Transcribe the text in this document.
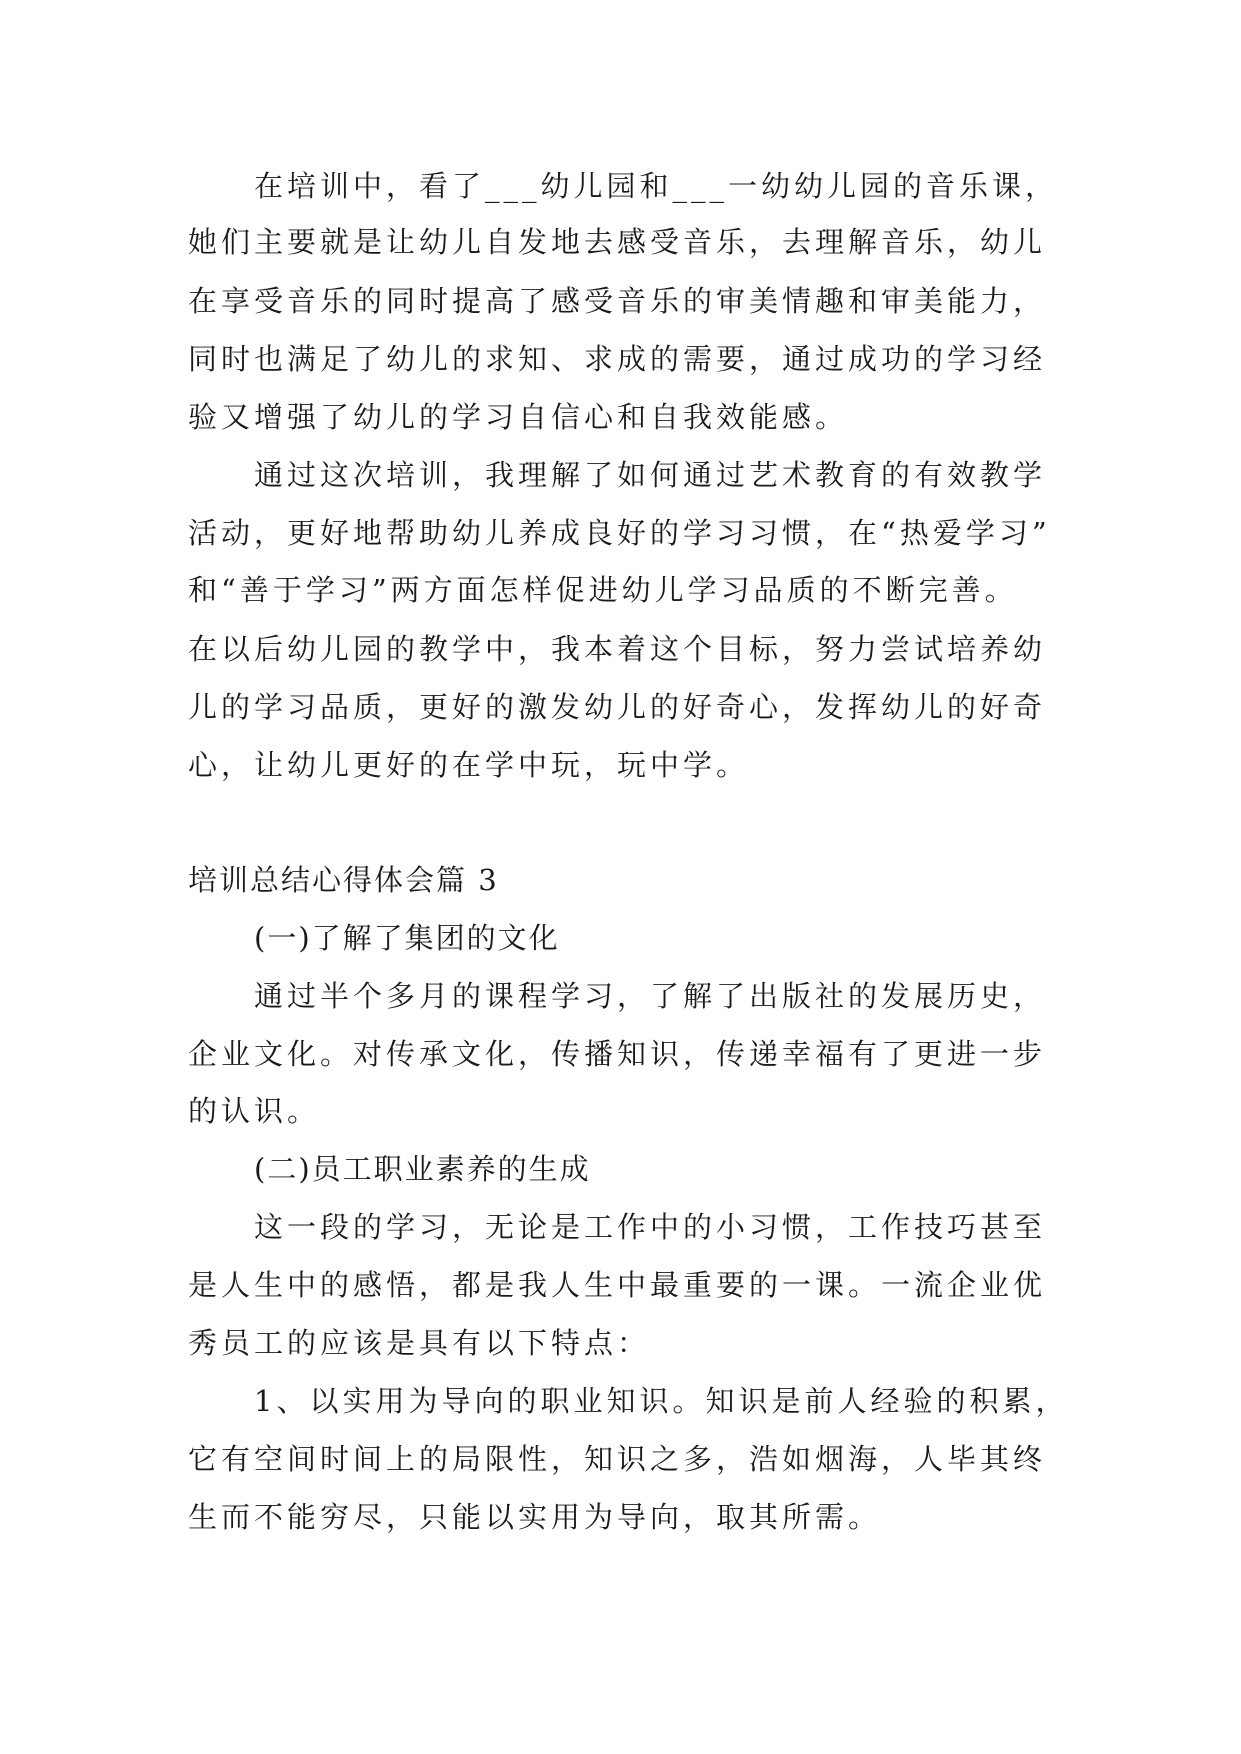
在培训中，看了___幼儿园和___一幼幼儿园的音乐课，
她们主要就是让幼儿自发地去感受音乐，去理解音乐，幼儿
在享受音乐的同时提高了感受音乐的审美情趣和审美能力，
同时也满足了幼儿的求知、求成的需要，通过成功的学习经
验又增强了幼儿的学习自信心和自我效能感。
通过这次培训，我理解了如何通过艺术教育的有效教学
活动，更好地帮助幼儿养成良好的学习习惯，在“热爱学习”
和“善于学习”两方面怎样促进幼儿学习品质的不断完善。
在以后幼儿园的教学中，我本着这个目标，努力尝试培养幼
儿的学习品质，更好的激发幼儿的好奇心，发挥幼儿的好奇
心，让幼儿更好的在学中玩，玩中学。
培训总结心得体会篇 3
(一)了解了集团的文化
通过半个多月的课程学习，了解了出版社的发展历史，
企业文化。对传承文化，传播知识，传递幸福有了更进一步
的认识。
(二)员工职业素养的生成
这一段的学习，无论是工作中的小习惯，工作技巧甚至
是人生中的感悟，都是我人生中最重要的一课。一流企业优
秀员工的应该是具有以下特点：
1、以实用为导向的职业知识。知识是前人经验的积累，
它有空间时间上的局限性，知识之多，浩如烟海，人毕其终
生而不能穷尽，只能以实用为导向，取其所需。
